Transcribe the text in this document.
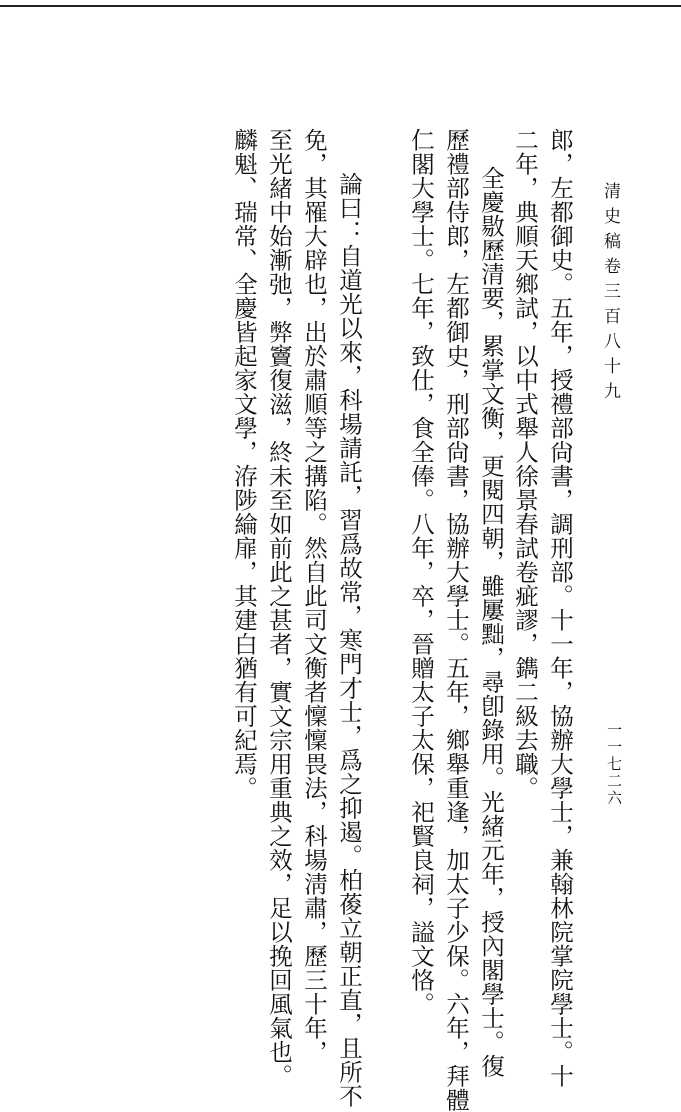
清史稿卷三百八十九
一一七二六
郎，左都御史。五年，授禮部尙書，調刑部。十一年，協辦大學士，兼翰林院掌院學士。十
二年，典順天鄉試，以中式舉人徐景春試卷疵謬，鐫二級去職。
全慶敭歷清要，累掌文衡，更閱四朝，雖屢黜，尋卽錄用。光緒元年，授內閣學士。復
歷禮部侍郎，左都御史，刑部尙書，協辦大學士。五年，鄉舉重逢，加太子少保。六年，拜體
仁閣大學士。七年，致仕，食全俸。八年，卒，晉贈太子太保，祀賢良祠，謚文恪。
論曰：自道光以來，科場請託，習爲故常，寒門才士，爲之抑遏。柏葰立朝正直，且所不
免，其罹大辟也，出於肅順等之搆陷。然自此司文衡者懍懍畏法，科場淸肅，歷三十年，
至光緒中始漸弛，弊竇復滋，終未至如前此之甚者，實文宗用重典之效，足以挽回風氣也。
麟魁、瑞常、全慶皆起家文學，洊陟綸扉，其建白猶有可紀焉。
